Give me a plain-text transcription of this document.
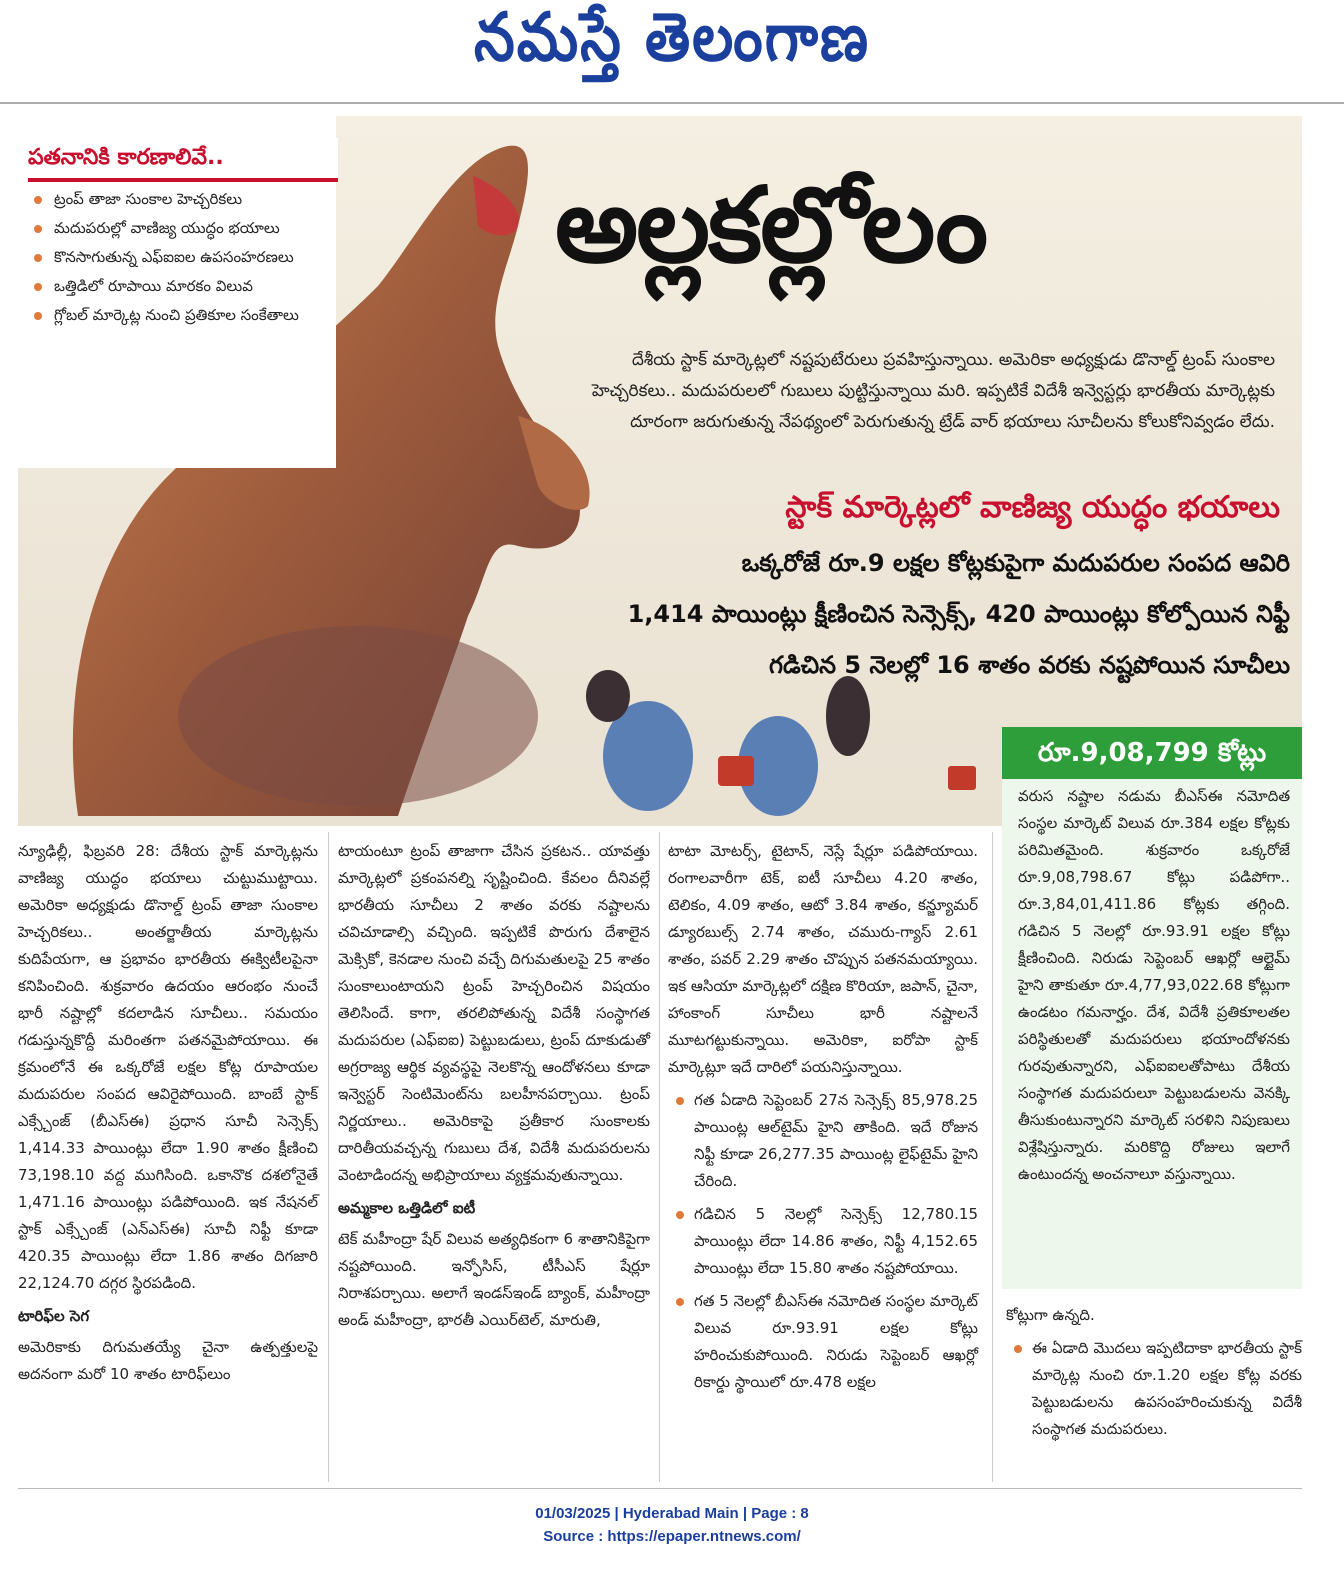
నమస్తే తెలంగాణ
పతనానికి కారణాలివే..
ట్రంప్ తాజా సుంకాల హెచ్చరికలు
మదుపరుల్లో వాణిజ్య యుద్ధం భయాలు
కొనసాగుతున్న ఎఫ్ఐఐల ఉపసంహరణలు
ఒత్తిడిలో రూపాయి మారకం విలువ
గ్లోబల్ మార్కెట్ల నుంచి ప్రతికూల సంకేతాలు
అల్లకల్లోలం
దేశీయ స్టాక్ మార్కెట్లలో నష్టపుటేరులు ప్రవహిస్తున్నాయి. అమెరికా అధ్యక్షుడు డొనాల్డ్ ట్రంప్ సుంకాల హెచ్చరికలు.. మదుపరులలో గుబులు పుట్టిస్తున్నాయి మరి. ఇప్పటికే విదేశీ ఇన్వెస్టర్లు భారతీయ మార్కెట్లకు దూరంగా జరుగుతున్న నేపథ్యంలో పెరుగుతున్న ట్రేడ్ వార్ భయాలు సూచీలను కోలుకోనివ్వడం లేదు.
స్టాక్ మార్కెట్లలో వాణిజ్య యుద్ధం భయాలు
ఒక్కరోజే రూ.9 లక్షల కోట్లకుపైగా మదుపరుల సంపద ఆవిరి
1,414 పాయింట్లు క్షీణించిన సెన్సెక్స్, 420 పాయింట్లు కోల్పోయిన నిఫ్టీ
గడిచిన 5 నెలల్లో 16 శాతం వరకు నష్టపోయిన సూచీలు
రూ.9,08,799 కోట్లు

వరుస నష్టాల నడుమ బీఎస్ఈ నమోదిత సంస్థల మార్కెట్ విలువ రూ.384 లక్షల కోట్లకు పరిమితమైంది. శుక్రవారం ఒక్కరోజే రూ.9,08,798.67 కోట్లు పడిపోగా.. రూ.3,84,01,411.86 కోట్లకు తగ్గింది. గడిచిన 5 నెలల్లో రూ.93.91 లక్షల కోట్లు క్షీణించింది. నిరుడు సెప్టెంబర్ ఆఖర్లో ఆల్టైమ్ హైని తాకుతూ రూ.4,77,93,022.68 కోట్లుగా ఉండటం గమనార్హం. దేశ, విదేశీ ప్రతికూలతల పరిస్థితులతో మదుపరులు భయాందోళనకు గురవుతున్నారని, ఎఫ్ఐఐలతోపాటు దేశీయ సంస్థాగత మదుపరులూ పెట్టుబడులను వెనక్కి తీసుకుంటున్నారని మార్కెట్ సరళిని నిపుణులు విశ్లేషిస్తున్నారు. మరికొద్ది రోజులు ఇలాగే ఉంటుందన్న అంచనాలూ వస్తున్నాయి.

న్యూఢిల్లీ, ఫిబ్రవరి 28: దేశీయ స్టాక్ మార్కెట్లను వాణిజ్య యుద్ధం భయాలు చుట్టుముట్టాయి. అమెరికా అధ్యక్షుడు డొనాల్డ్ ట్రంప్ తాజా సుంకాల హెచ్చరికలు.. అంతర్జాతీయ మార్కెట్లను కుదిపేయగా, ఆ ప్రభావం భారతీయ ఈక్విటీలపైనా కనిపించింది. శుక్రవారం ఉదయం ఆరంభం నుంచే భారీ నష్టాల్లో కదలాడిన సూచీలు.. సమయం గడుస్తున్నకొద్దీ మరింతగా పతనమైపోయాయి. ఈ క్రమంలోనే ఈ ఒక్కరోజే లక్షల కోట్ల రూపాయల మదుపరుల సంపద ఆవిరైపోయింది. బాంబే స్టాక్ ఎక్స్చేంజ్ (బీఎస్ఈ) ప్రధాన సూచీ సెన్సెక్స్ 1,414.33 పాయింట్లు లేదా 1.90 శాతం క్షీణించి 73,198.10 వద్ద ముగిసింది. ఒకానొక దశలోనైతే 1,471.16 పాయింట్లు పడిపోయింది. ఇక నేషనల్ స్టాక్ ఎక్స్చేంజ్ (ఎన్ఎస్ఈ) సూచీ నిఫ్టీ కూడా 420.35 పాయింట్లు లేదా 1.86 శాతం దిగజారి 22,124.70 దగ్గర స్థిరపడింది.

టారిఫ్‌ల సెగ

అమెరికాకు దిగుమతయ్యే చైనా ఉత్పత్తులపై అదనంగా మరో 10 శాతం టారిఫ్‌లుం

టాయంటూ ట్రంప్ తాజాగా చేసిన ప్రకటన.. యావత్తు మార్కెట్లలో ప్రకంపనల్ని సృష్టించింది. కేవలం దీనివల్లే భారతీయ సూచీలు 2 శాతం వరకు నష్టాలను చవిచూడాల్సి వచ్చింది. ఇప్పటికే పొరుగు దేశాలైన మెక్సికో, కెనడాల నుంచి వచ్చే దిగుమతులపై 25 శాతం సుంకాలుంటాయని ట్రంప్ హెచ్చరించిన విషయం తెలిసిందే. కాగా, తరలిపోతున్న విదేశీ సంస్థాగత మదుపరుల (ఎఫ్ఐఐ) పెట్టుబడులు, ట్రంప్ దూకుడుతో అగ్రరాజ్య ఆర్థిక వ్యవస్థపై నెలకొన్న ఆందోళనలు కూడా ఇన్వెస్టర్ సెంటిమెంట్‌ను బలహీనపర్చాయి. ట్రంప్ నిర్ణయాలు.. అమెరికాపై ప్రతీకార సుంకాలకు దారితీయవచ్చన్న గుబులు దేశ, విదేశీ మదుపరులను వెంటాడిందన్న అభిప్రాయాలు వ్యక్తమవుతున్నాయి.

అమ్మకాల ఒత్తిడిలో ఐటీ

టెక్ మహీంద్రా షేర్ విలువ అత్యధికంగా 6 శాతానికిపైగా నష్టపోయింది. ఇన్ఫోసిస్, టీసీఎస్ షేర్లూ నిరాశపర్చాయి. అలాగే ఇండస్ఇండ్ బ్యాంక్, మహీంద్రా అండ్ మహీంద్రా, భారతీ ఎయిర్‌టెల్, మారుతి,

టాటా మోటర్స్, టైటాన్, నెస్లే షేర్లూ పడిపోయాయి. రంగాలవారీగా టెక్, ఐటీ సూచీలు 4.20 శాతం, టెలికం, 4.09 శాతం, ఆటో 3.84 శాతం, కన్జ్యూమర్ డ్యూరబుల్స్ 2.74 శాతం, చమురు-గ్యాస్ 2.61 శాతం, పవర్ 2.29 శాతం చొప్పున పతనమయ్యాయి. ఇక ఆసియా మార్కెట్లలో దక్షిణ కొరియా, జపాన్, చైనా, హాంకాంగ్ సూచీలు భారీ నష్టాలనే మూటగట్టుకున్నాయి. అమెరికా, ఐరోపా స్టాక్ మార్కెట్లూ ఇదే దారిలో పయనిస్తున్నాయి.

గత ఏడాది సెప్టెంబర్ 27న సెన్సెక్స్ 85,978.25 పాయింట్ల ఆల్‌టైమ్ హైని తాకింది. ఇదే రోజున నిఫ్టీ కూడా 26,277.35 పాయింట్ల లైఫ్‌టైమ్ హైని చేరింది.

గడిచిన 5 నెలల్లో సెన్సెక్స్ 12,780.15 పాయింట్లు లేదా 14.86 శాతం, నిఫ్టీ 4,152.65 పాయింట్లు లేదా 15.80 శాతం నష్టపోయాయి.

గత 5 నెలల్లో బీఎస్ఈ నమోదిత సంస్థల మార్కెట్ విలువ రూ.93.91 లక్షల కోట్లు హరించుకుపోయింది. నిరుడు సెప్టెంబర్ ఆఖర్లో రికార్డు స్థాయిలో రూ.478 లక్షల

కోట్లుగా ఉన్నది.

ఈ ఏడాది మొదలు ఇప్పటిదాకా భారతీయ స్టాక్ మార్కెట్ల నుంచి రూ.1.20 లక్షల కోట్ల వరకు పెట్టుబడులను ఉపసంహరించుకున్న విదేశీ సంస్థాగత మదుపరులు.

01/03/2025 | Hyderabad Main | Page : 8
Source : https://epaper.ntnews.com/
